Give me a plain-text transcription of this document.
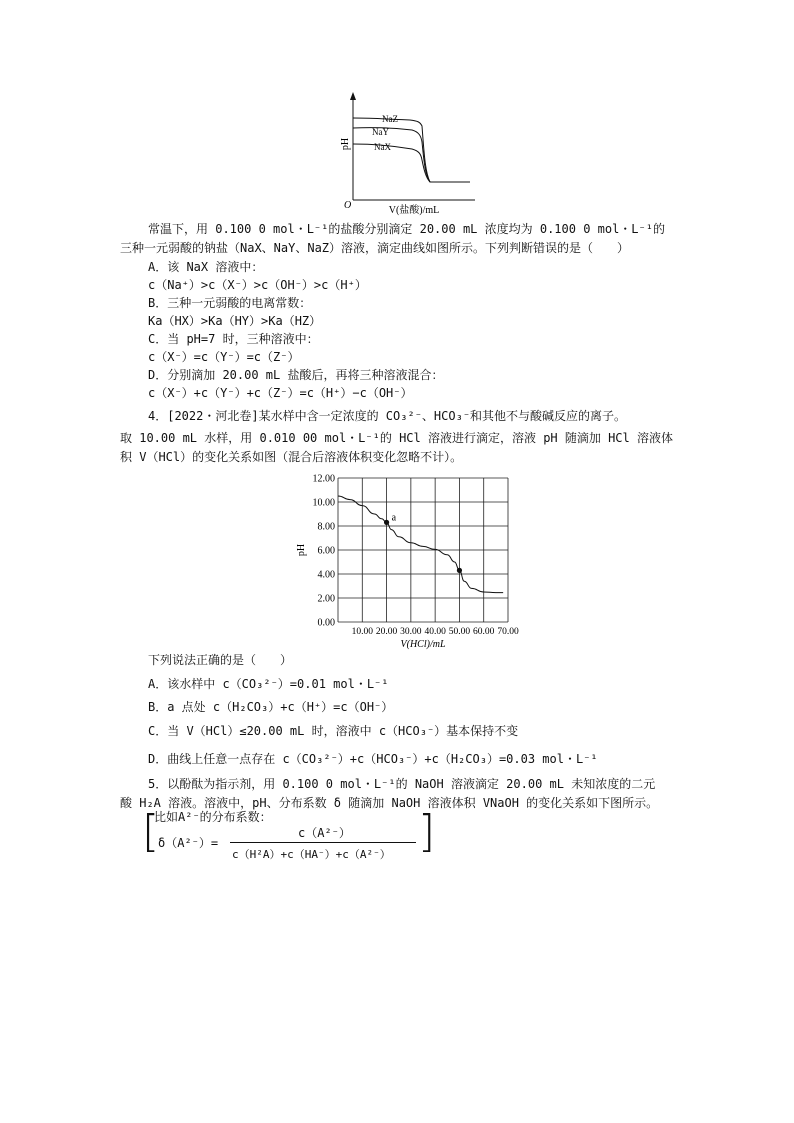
pH
O
NaZ
NaY
NaX
V(盐酸)/mL
常温下，用 0.100 0 mol・L⁻¹的盐酸分别滴定 20.00 mL 浓度均为 0.100 0 mol・L⁻¹的
三种一元弱酸的钠盐（NaX、NaY、NaZ）溶液，滴定曲线如图所示。下列判断错误的是（　　）
A．该 NaX 溶液中：
c（Na⁺）>c（X⁻）>c（OH⁻）>c（H⁺）
B．三种一元弱酸的电离常数：
Ka（HX）>Ka（HY）>Ka（HZ）
C．当 pH=7 时，三种溶液中：
c（X⁻）=c（Y⁻）=c（Z⁻）
D．分别滴加 20.00 mL 盐酸后，再将三种溶液混合：
c（X⁻）+c（Y⁻）+c（Z⁻）=c（H⁺）−c（OH⁻）
4．[2022・河北卷]某水样中含一定浓度的 CO₃²⁻、HCO₃⁻和其他不与酸碱反应的离子。
取 10.00 mL 水样，用 0.010 00 mol・L⁻¹的 HCl 溶液进行滴定，溶液 pH 随滴加 HCl 溶液体
积 V（HCl）的变化关系如图（混合后溶液体积变化忽略不计）。
0.00
2.00
4.00
6.00
8.00
10.00
12.00
10.00 20.00 30.00 40.00 50.00 60.00 70.00
V(HCl)/mL
pH
a
下列说法正确的是（　　）
A．该水样中 c（CO₃²⁻）=0.01 mol・L⁻¹
B．a 点处 c（H₂CO₃）+c（H⁺）=c（OH⁻）
C．当 V（HCl）≤20.00 mL 时，溶液中 c（HCO₃⁻）基本保持不变
D．曲线上任意一点存在 c（CO₃²⁻）+c（HCO₃⁻）+c（H₂CO₃）=0.03 mol・L⁻¹
5．以酚酞为指示剂，用 0.100 0 mol・L⁻¹的 NaOH 溶液滴定 20.00 mL 未知浓度的二元
酸 H₂A 溶液。溶液中，pH、分布系数 δ 随滴加 NaOH 溶液体积 VNaOH 的变化关系如下图所示。
[	]
比如A²⁻的分布系数：
δ（A²⁻）=
c（A²⁻）
c（H²A）+c（HA⁻）+c（A²⁻）
